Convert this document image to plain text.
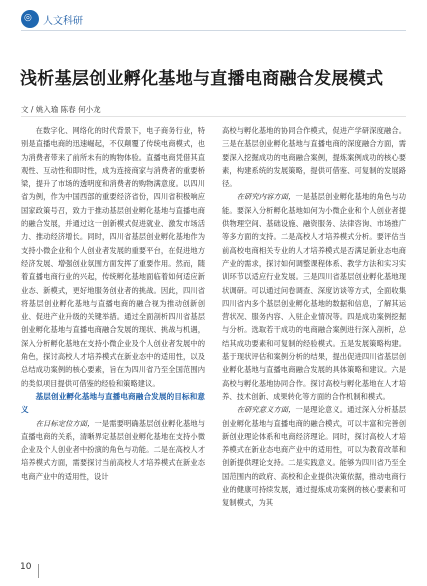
◎ 人文科研
浅析基层创业孵化基地与直播电商融合发展模式
文 / 姚入瑜 陈春 何小龙

在数字化、网络化的时代背景下，电子商务行业，特别是直播电商的迅速崛起，不仅颠覆了传统电商模式，也为消费者带来了前所未有的购物体验。直播电商凭借其直观性、互动性和即时性，成为连接商家与消费者的重要桥梁，提升了市场的透明度和消费者的购物满意度。以四川省为例，作为中国西部的重要经济省份，四川省积极响应国家政策号召，致力于推动基层创业孵化基地与直播电商的融合发展，并通过这一创新模式促进就业、激发市场活力、推动经济增长。同时，四川省基层创业孵化基地作为支持小微企业和个人创业者发展的重要平台，在促进地方经济发展、增强创业氛围方面发挥了重要作用。然而，随着直播电商行业的兴起，传统孵化基地面临着如何适应新业态、新模式，更好地服务创业者的挑战。因此，四川省将基层创业孵化基地与直播电商的融合视为推动创新创业、促进产业升级的关键举措。通过全面剖析四川省基层创业孵化基地与直播电商融合发展的现状、挑战与机遇，深入分析孵化基地在支持小微企业及个人创业者发展中的角色，探讨高校人才培养模式在新业态中的适用性，以及总结成功案例的核心要素，旨在为四川省乃至全国范围内的类似项目提供可借鉴的经验和策略建议。

基层创业孵化基地与直播电商融合发展的目标和意义

在目标定位方面，一是需要明确基层创业孵化基地与直播电商的关系，清晰界定基层创业孵化基地在支持小微企业及个人创业者中扮演的角色与功能。二是在高校人才培养模式方面，需要探讨当前高校人才培养模式在新业态电商产业中的适用性，设计

高校与孵化基地的协同合作模式，促进产学研深度融合。三是在基层创业孵化基地与直播电商的深度融合方面，需要深入挖掘成功的电商融合案例，提炼案例成功的核心要素，构建系统的发展策略，提供可借鉴、可复制的发展路径。

在研究内容方面，一是基层创业孵化基地的角色与功能。要深入分析孵化基地如何为小微企业和个人创业者提供物理空间、基础设施、融资服务、法律咨询、市场推广等多方面的支持。二是高校人才培养模式分析。要评估当前高校电商相关专业的人才培养模式是否满足新业态电商产业的需求，探讨如何调整课程体系、教学方法和实习实训环节以适应行业发展。三是四川省基层创业孵化基地现状调研。可以通过问卷调查、深度访谈等方式，全面收集四川省内多个基层创业孵化基地的数据和信息，了解其运营状况、服务内容、入驻企业情况等。四是成功案例挖掘与分析。选取若干成功的电商融合案例进行深入剖析，总结其成功要素和可复制的经验模式。五是发展策略构建。基于现状评估和案例分析的结果，提出促进四川省基层创业孵化基地与直播电商融合发展的具体策略和建议。六是高校与孵化基地协同合作。探讨高校与孵化基地在人才培养、技术创新、成果转化等方面的合作机制和模式。

在研究意义方面，一是理论意义。通过深入分析基层创业孵化基地与直播电商的融合模式，可以丰富和完善创新创业理论体系和电商经济理论。同时，探讨高校人才培养模式在新业态电商产业中的适用性，可以为教育改革和创新提供理论支持。二是实践意义。能够为四川省乃至全国范围内的政府、高校和企业提供决策依据，推动电商行业的健康可持续发展，通过提炼成功案例的核心要素和可复制模式，为其

10
